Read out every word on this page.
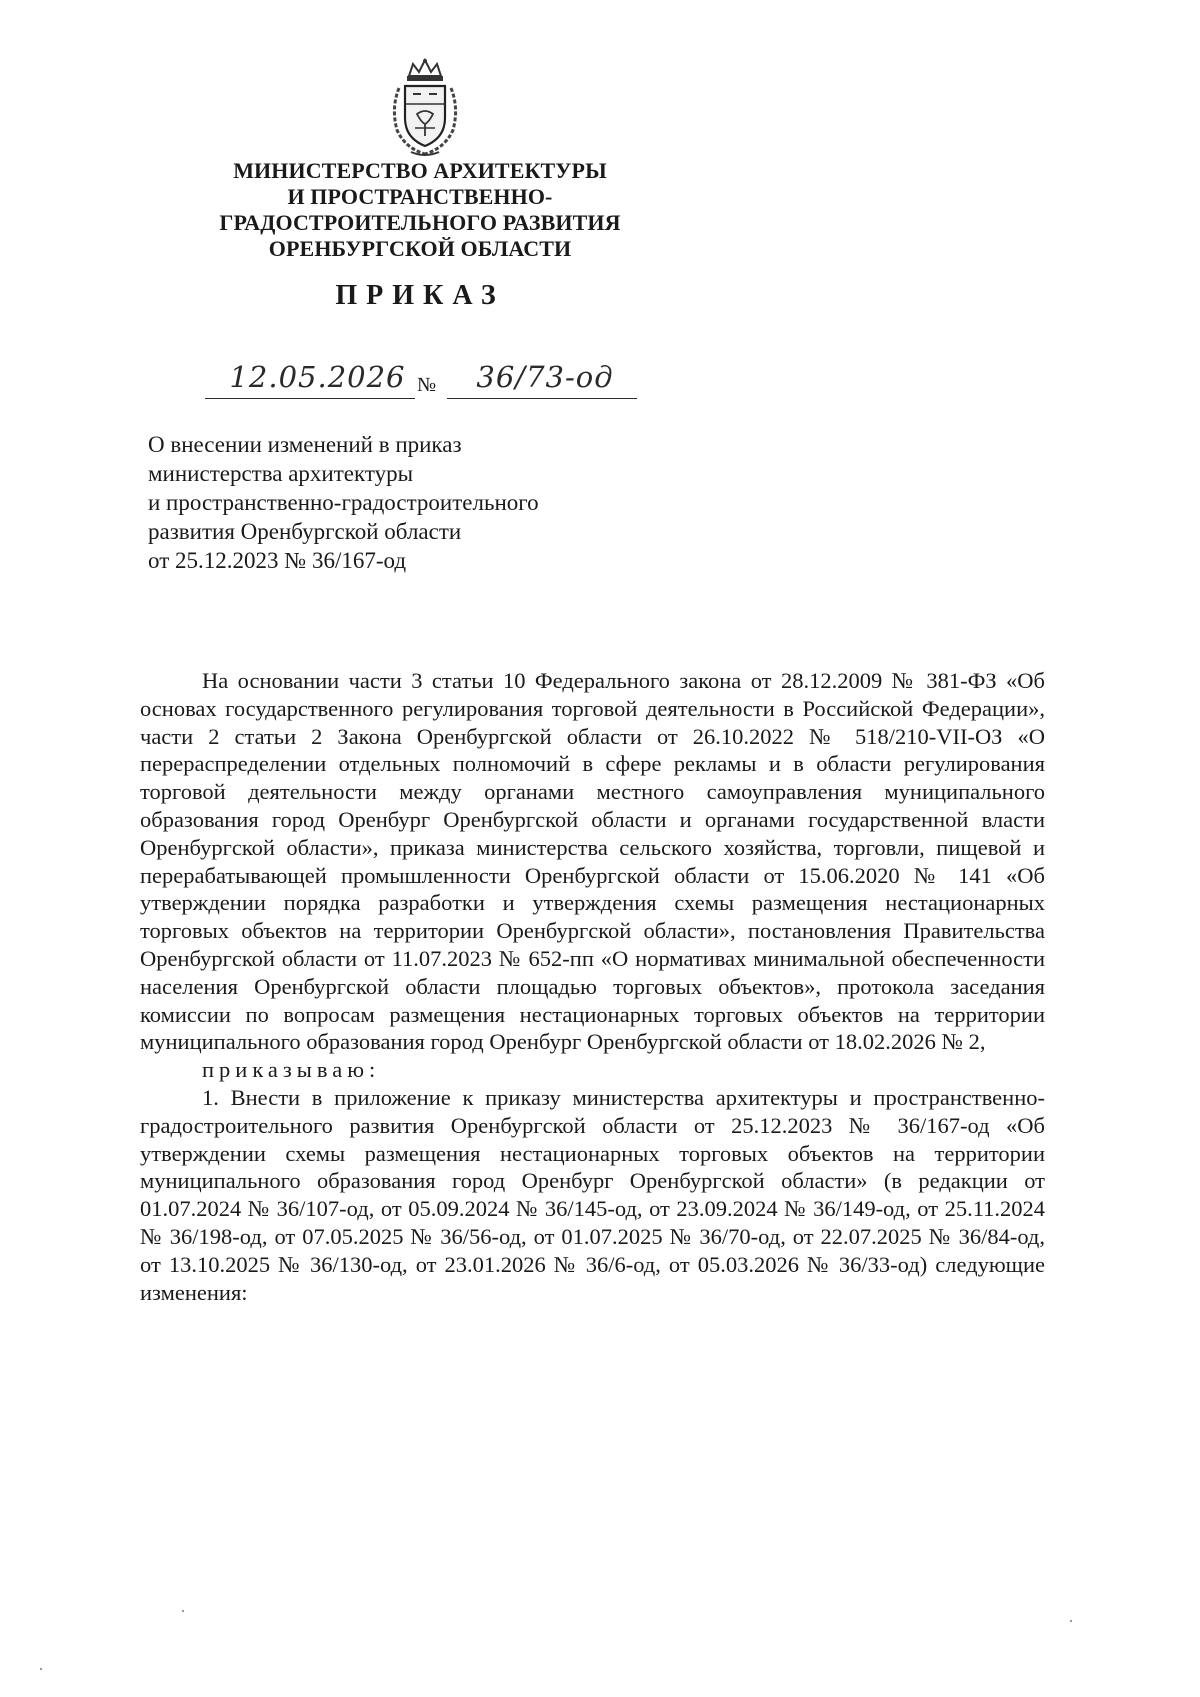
МИНИСТЕРСТВО АРХИТЕКТУРЫ
И ПРОСТРАНСТВЕННО-
ГРАДОСТРОИТЕЛЬНОГО РАЗВИТИЯ
ОРЕНБУРГСКОЙ ОБЛАСТИ
ПРИКАЗ
12.05.2026 №	36/73-од
О внесении изменений в приказ
министерства архитектуры
и пространственно-градостроительного
развития Оренбургской области
от 25.12.2023 № 36/167-од

На основании части 3 статьи 10 Федерального закона от 28.12.2009 № 381-ФЗ «Об основах государственного регулирования торговой деятельности в Российской Федерации», части 2 статьи 2 Закона Оренбургской области от 26.10.2022 № 518/210-VII-ОЗ «О перераспределении отдельных полномочий в сфере рекламы и в области регулирования торговой деятельности между органами местного самоуправления муниципального образования город Оренбург Оренбургской области и органами государственной власти Оренбургской области», приказа министерства сельского хозяйства, торговли, пищевой и перерабатывающей промышленности Оренбургской области от 15.06.2020 № 141 «Об утверждении порядка разработки и утверждения схемы размещения нестационарных торговых объектов на территории Оренбургской области», постановления Правительства Оренбургской области от 11.07.2023 № 652-пп «О нормативах минимальной обеспеченности населения Оренбургской области площадью торговых объектов», протокола заседания комиссии по вопросам размещения нестационарных торговых объектов на территории муниципального образования город Оренбург Оренбургской области от 18.02.2026 № 2,

приказываю:

1. Внести в приложение к приказу министерства архитектуры и пространственно-градостроительного развития Оренбургской области от 25.12.2023 № 36/167-од «Об утверждении схемы размещения нестационарных торговых объектов на территории муниципального образования город Оренбург Оренбургской области» (в редакции от 01.07.2024 № 36/107-од, от 05.09.2024 № 36/145-од, от 23.09.2024 № 36/149-од, от 25.11.2024 № 36/198-од, от 07.05.2025 № 36/56-од, от 01.07.2025 № 36/70-од, от 22.07.2025 № 36/84-од, от 13.10.2025 № 36/130-од, от 23.01.2026 № 36/6-од, от 05.03.2026 № 36/33-од) следующие изменения:
